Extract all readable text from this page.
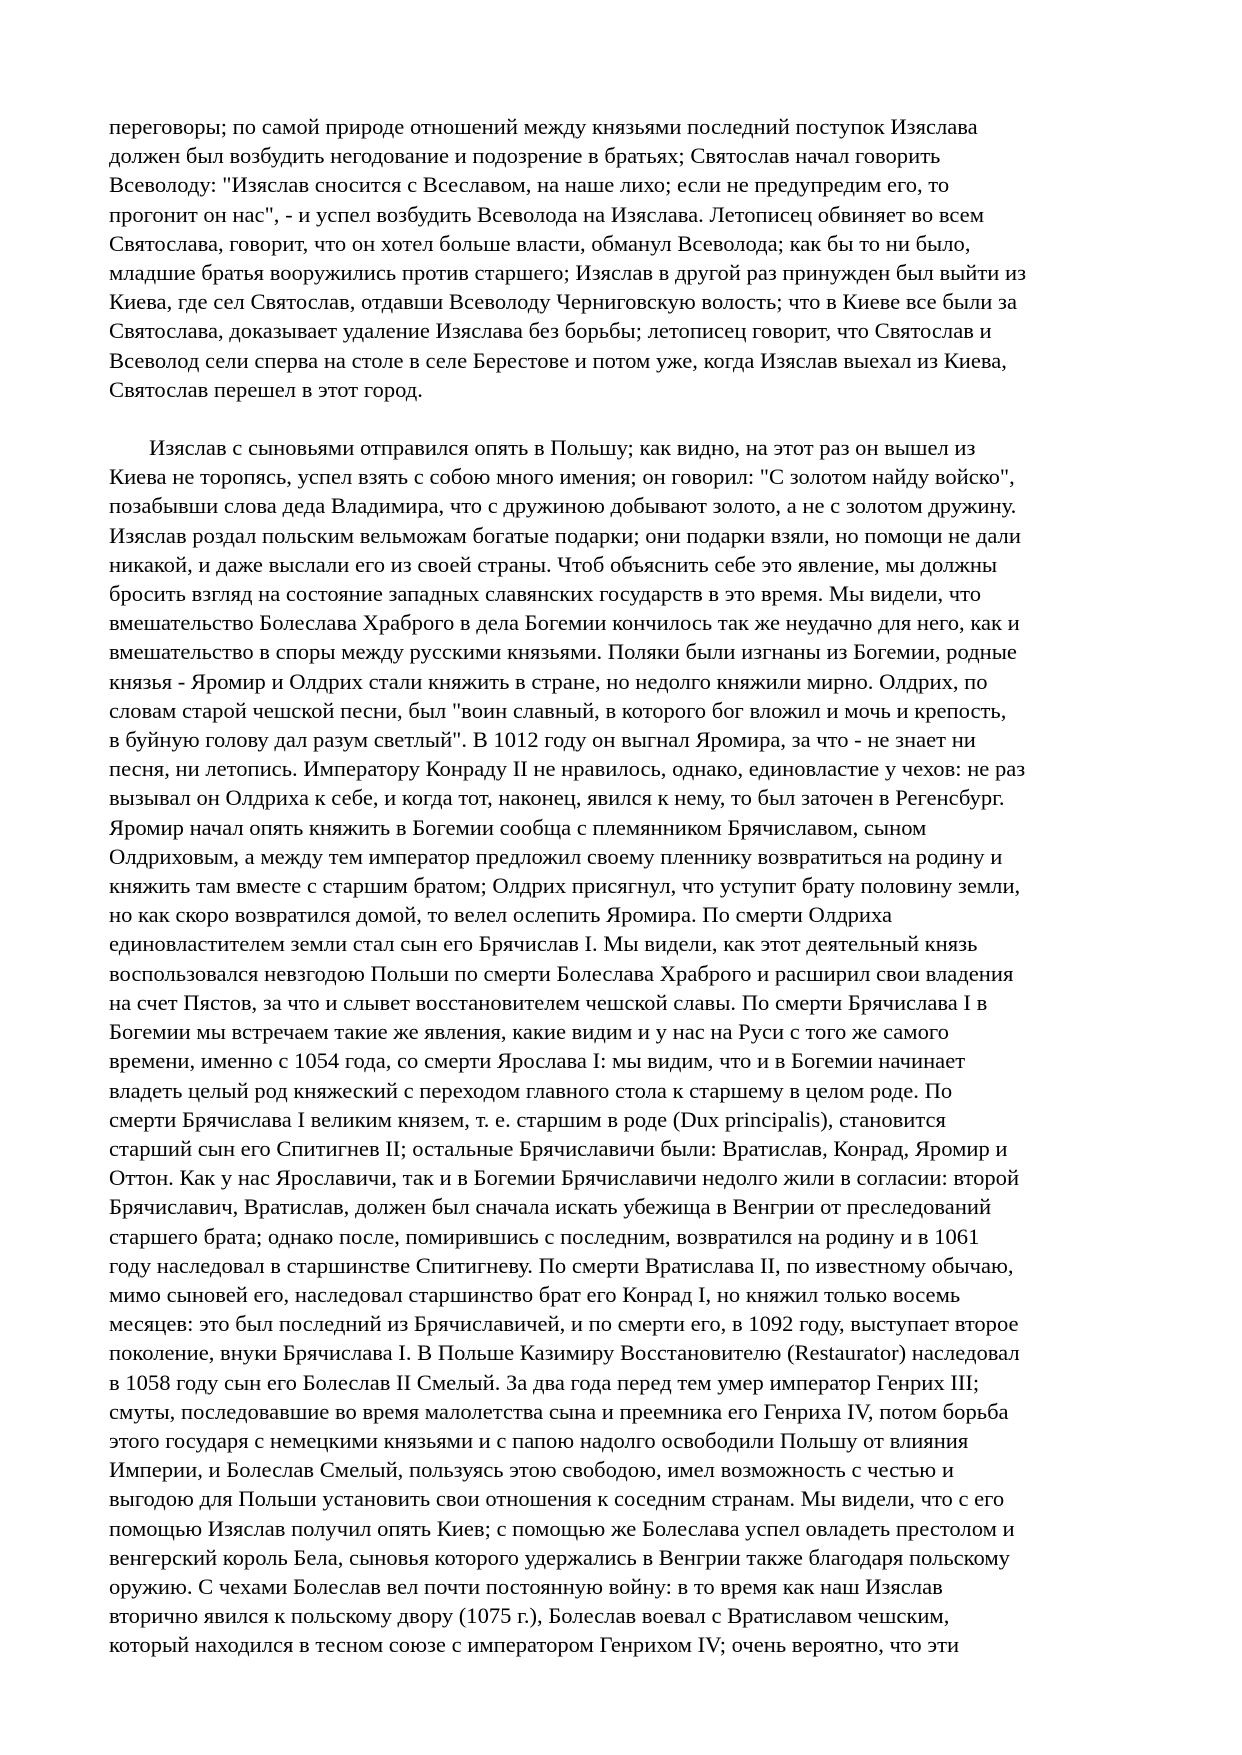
переговоры; по самой природе отношений между князьями последний поступок Изяслава
должен был возбудить негодование и подозрение в братьях; Святослав начал говорить
Всеволоду: "Изяслав сносится с Всеславом, на наше лихо; если не предупредим его, то
прогонит он нас", - и успел возбудить Всеволода на Изяслава. Летописец обвиняет во всем
Святослава, говорит, что он хотел больше власти, обманул Всеволода; как бы то ни было,
младшие братья вооружились против старшего; Изяслав в другой раз принужден был выйти из
Киева, где сел Святослав, отдавши Всеволоду Черниговскую волость; что в Киеве все были за
Святослава, доказывает удаление Изяслава без борьбы; летописец говорит, что Святослав и
Всеволод сели сперва на столе в селе Берестове и потом уже, когда Изяслав выехал из Киева,
Святослав перешел в этот город.

Изяслав с сыновьями отправился опять в Польшу; как видно, на этот раз он вышел из
Киева не торопясь, успел взять с собою много имения; он говорил: "С золотом найду войско",
позабывши слова деда Владимира, что с дружиною добывают золото, а не с золотом дружину.
Изяслав роздал польским вельможам богатые подарки; они подарки взяли, но помощи не дали
никакой, и даже выслали его из своей страны. Чтоб объяснить себе это явление, мы должны
бросить взгляд на состояние западных славянских государств в это время. Мы видели, что
вмешательство Болеслава Храброго в дела Богемии кончилось так же неудачно для него, как и
вмешательство в споры между русскими князьями. Поляки были изгнаны из Богемии, родные
князья - Яромир и Олдрих стали княжить в стране, но недолго княжили мирно. Олдрих, по
словам старой чешской песни, был "воин славный, в которого бог вложил и мочь и крепость,
в буйную голову дал разум светлый". В 1012 году он выгнал Яромира, за что - не знает ни
песня, ни летопись. Императору Конраду II не нравилось, однако, единовластие у чехов: не раз
вызывал он Олдриха к себе, и когда тот, наконец, явился к нему, то был заточен в Регенсбург.
Яромир начал опять княжить в Богемии сообща с племянником Брячиславом, сыном
Олдриховым, а между тем император предложил своему пленнику возвратиться на родину и
княжить там вместе с старшим братом; Олдрих присягнул, что уступит брату половину земли,
но как скоро возвратился домой, то велел ослепить Яромира. По смерти Олдриха
единовластителем земли стал сын его Брячислав I. Мы видели, как этот деятельный князь
воспользовался невзгодою Польши по смерти Болеслава Храброго и расширил свои владения
на счет Пястов, за что и слывет восстановителем чешской славы. По смерти Брячислава I в
Богемии мы встречаем такие же явления, какие видим и у нас на Руси с того же самого
времени, именно с 1054 года, со смерти Ярослава I: мы видим, что и в Богемии начинает
владеть целый род княжеский с переходом главного стола к старшему в целом роде. По
смерти Брячислава I великим князем, т. е. старшим в роде (Dux principalis), становится
старший сын его Спитигнев II; остальные Брячиславичи были: Вратислав, Конрад, Яромир и
Оттон. Как у нас Ярославичи, так и в Богемии Брячиславичи недолго жили в согласии: второй
Брячиславич, Вратислав, должен был сначала искать убежища в Венгрии от преследований
старшего брата; однако после, помирившись с последним, возвратился на родину и в 1061
году наследовал в старшинстве Спитигневу. По смерти Вратислава II, по известному обычаю,
мимо сыновей его, наследовал старшинство брат его Конрад I, но княжил только восемь
месяцев: это был последний из Брячиславичей, и по смерти его, в 1092 году, выступает второе
поколение, внуки Брячислава I. В Польше Казимиру Восстановителю (Restaurator) наследовал
в 1058 году сын его Болеслав II Смелый. За два года перед тем умер император Генрих III;
смуты, последовавшие во время малолетства сына и преемника его Генриха IV, потом борьба
этого государя с немецкими князьями и с папою надолго освободили Польшу от влияния
Империи, и Болеслав Смелый, пользуясь этою свободою, имел возможность с честью и
выгодою для Польши установить свои отношения к соседним странам. Мы видели, что с его
помощью Изяслав получил опять Киев; с помощью же Болеслава успел овладеть престолом и
венгерский король Бела, сыновья которого удержались в Венгрии также благодаря польскому
оружию. С чехами Болеслав вел почти постоянную войну: в то время как наш Изяслав
вторично явился к польскому двору (1075 г.), Болеслав воевал с Вратиславом чешским,
который находился в тесном союзе с императором Генрихом IV; очень вероятно, что эти
